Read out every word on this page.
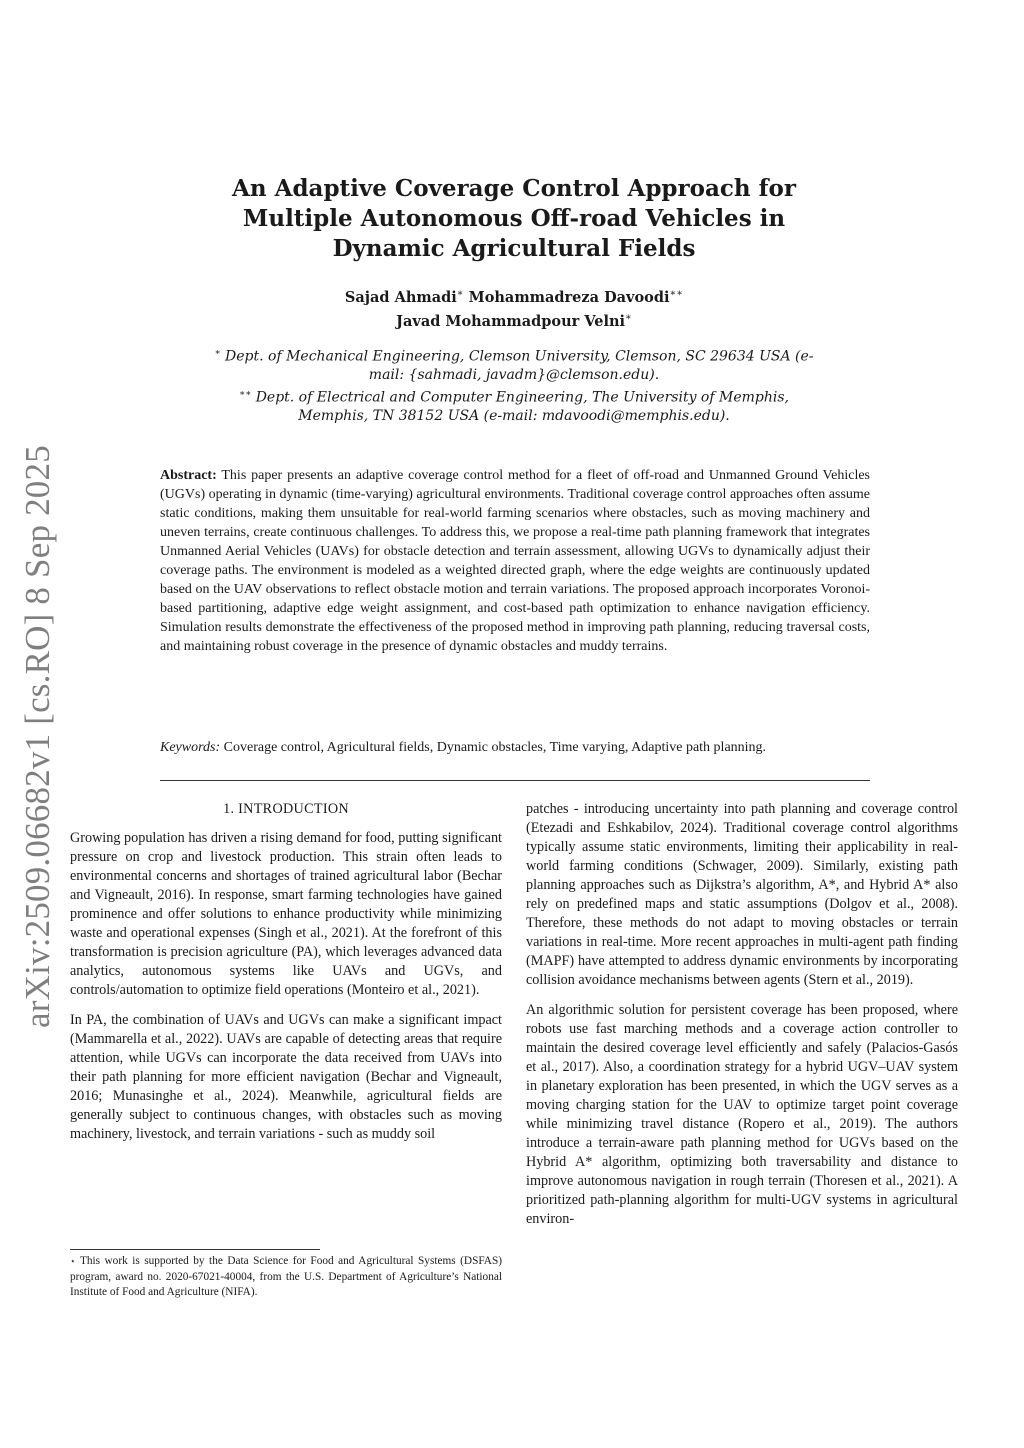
arXiv:2509.06682v1 [cs.RO] 8 Sep 2025
An Adaptive Coverage Control Approach for
Multiple Autonomous Off-road Vehicles in
Dynamic Agricultural Fields
Sajad Ahmadi∗ Mohammadreza Davoodi∗∗
Javad Mohammadpour Velni∗
∗ Dept. of Mechanical Engineering, Clemson University, Clemson, SC 29634 USA (e-mail: {sahmadi, javadm}@clemson.edu).
∗∗ Dept. of Electrical and Computer Engineering, The University of Memphis, Memphis, TN 38152 USA (e-mail: mdavoodi@memphis.edu).
Abstract: This paper presents an adaptive coverage control method for a fleet of off-road and Unmanned Ground Vehicles (UGVs) operating in dynamic (time-varying) agricultural environments. Traditional coverage control approaches often assume static conditions, making them unsuitable for real-world farming scenarios where obstacles, such as moving machinery and uneven terrains, create continuous challenges. To address this, we propose a real-time path planning framework that integrates Unmanned Aerial Vehicles (UAVs) for obstacle detection and terrain assessment, allowing UGVs to dynamically adjust their coverage paths. The environment is modeled as a weighted directed graph, where the edge weights are continuously updated based on the UAV observations to reflect obstacle motion and terrain variations. The proposed approach incorporates Voronoi-based partitioning, adaptive edge weight assignment, and cost-based path optimization to enhance navigation efficiency. Simulation results demonstrate the effectiveness of the proposed method in improving path planning, reducing traversal costs, and maintaining robust coverage in the presence of dynamic obstacles and muddy terrains.
Keywords: Coverage control, Agricultural fields, Dynamic obstacles, Time varying, Adaptive path planning.
1. INTRODUCTION

Growing population has driven a rising demand for food, putting significant pressure on crop and livestock production. This strain often leads to environmental concerns and shortages of trained agricultural labor (Bechar and Vigneault, 2016). In response, smart farming technologies have gained prominence and offer solutions to enhance productivity while minimizing waste and operational expenses (Singh et al., 2021). At the forefront of this transformation is precision agriculture (PA), which leverages advanced data analytics, autonomous systems like UAVs and UGVs, and controls/automation to optimize field operations (Monteiro et al., 2021).

In PA, the combination of UAVs and UGVs can make a significant impact (Mammarella et al., 2022). UAVs are capable of detecting areas that require attention, while UGVs can incorporate the data received from UAVs into their path planning for more efficient navigation (Bechar and Vigneault, 2016; Munasinghe et al., 2024). Meanwhile, agricultural fields are generally subject to continuous changes, with obstacles such as moving machinery, livestock, and terrain variations - such as muddy soil

patches - introducing uncertainty into path planning and coverage control (Etezadi and Eshkabilov, 2024). Traditional coverage control algorithms typically assume static environments, limiting their applicability in real-world farming conditions (Schwager, 2009). Similarly, existing path planning approaches such as Dijkstra’s algorithm, A*, and Hybrid A* also rely on predefined maps and static assumptions (Dolgov et al., 2008). Therefore, these methods do not adapt to moving obstacles or terrain variations in real-time. More recent approaches in multi-agent path finding (MAPF) have attempted to address dynamic environments by incorporating collision avoidance mechanisms between agents (Stern et al., 2019).

An algorithmic solution for persistent coverage has been proposed, where robots use fast marching methods and a coverage action controller to maintain the desired coverage level efficiently and safely (Palacios-Gasós et al., 2017). Also, a coordination strategy for a hybrid UGV–UAV system in planetary exploration has been presented, in which the UGV serves as a moving charging station for the UAV to optimize target point coverage while minimizing travel distance (Ropero et al., 2019). The authors introduce a terrain-aware path planning method for UGVs based on the Hybrid A* algorithm, optimizing both traversability and distance to improve autonomous navigation in rough terrain (Thoresen et al., 2021). A prioritized path-planning algorithm for multi-UGV systems in agricultural environ-

⋆ This work is supported by the Data Science for Food and Agricultural Systems (DSFAS) program, award no. 2020-67021-40004, from the U.S. Department of Agriculture’s National Institute of Food and Agriculture (NIFA).
